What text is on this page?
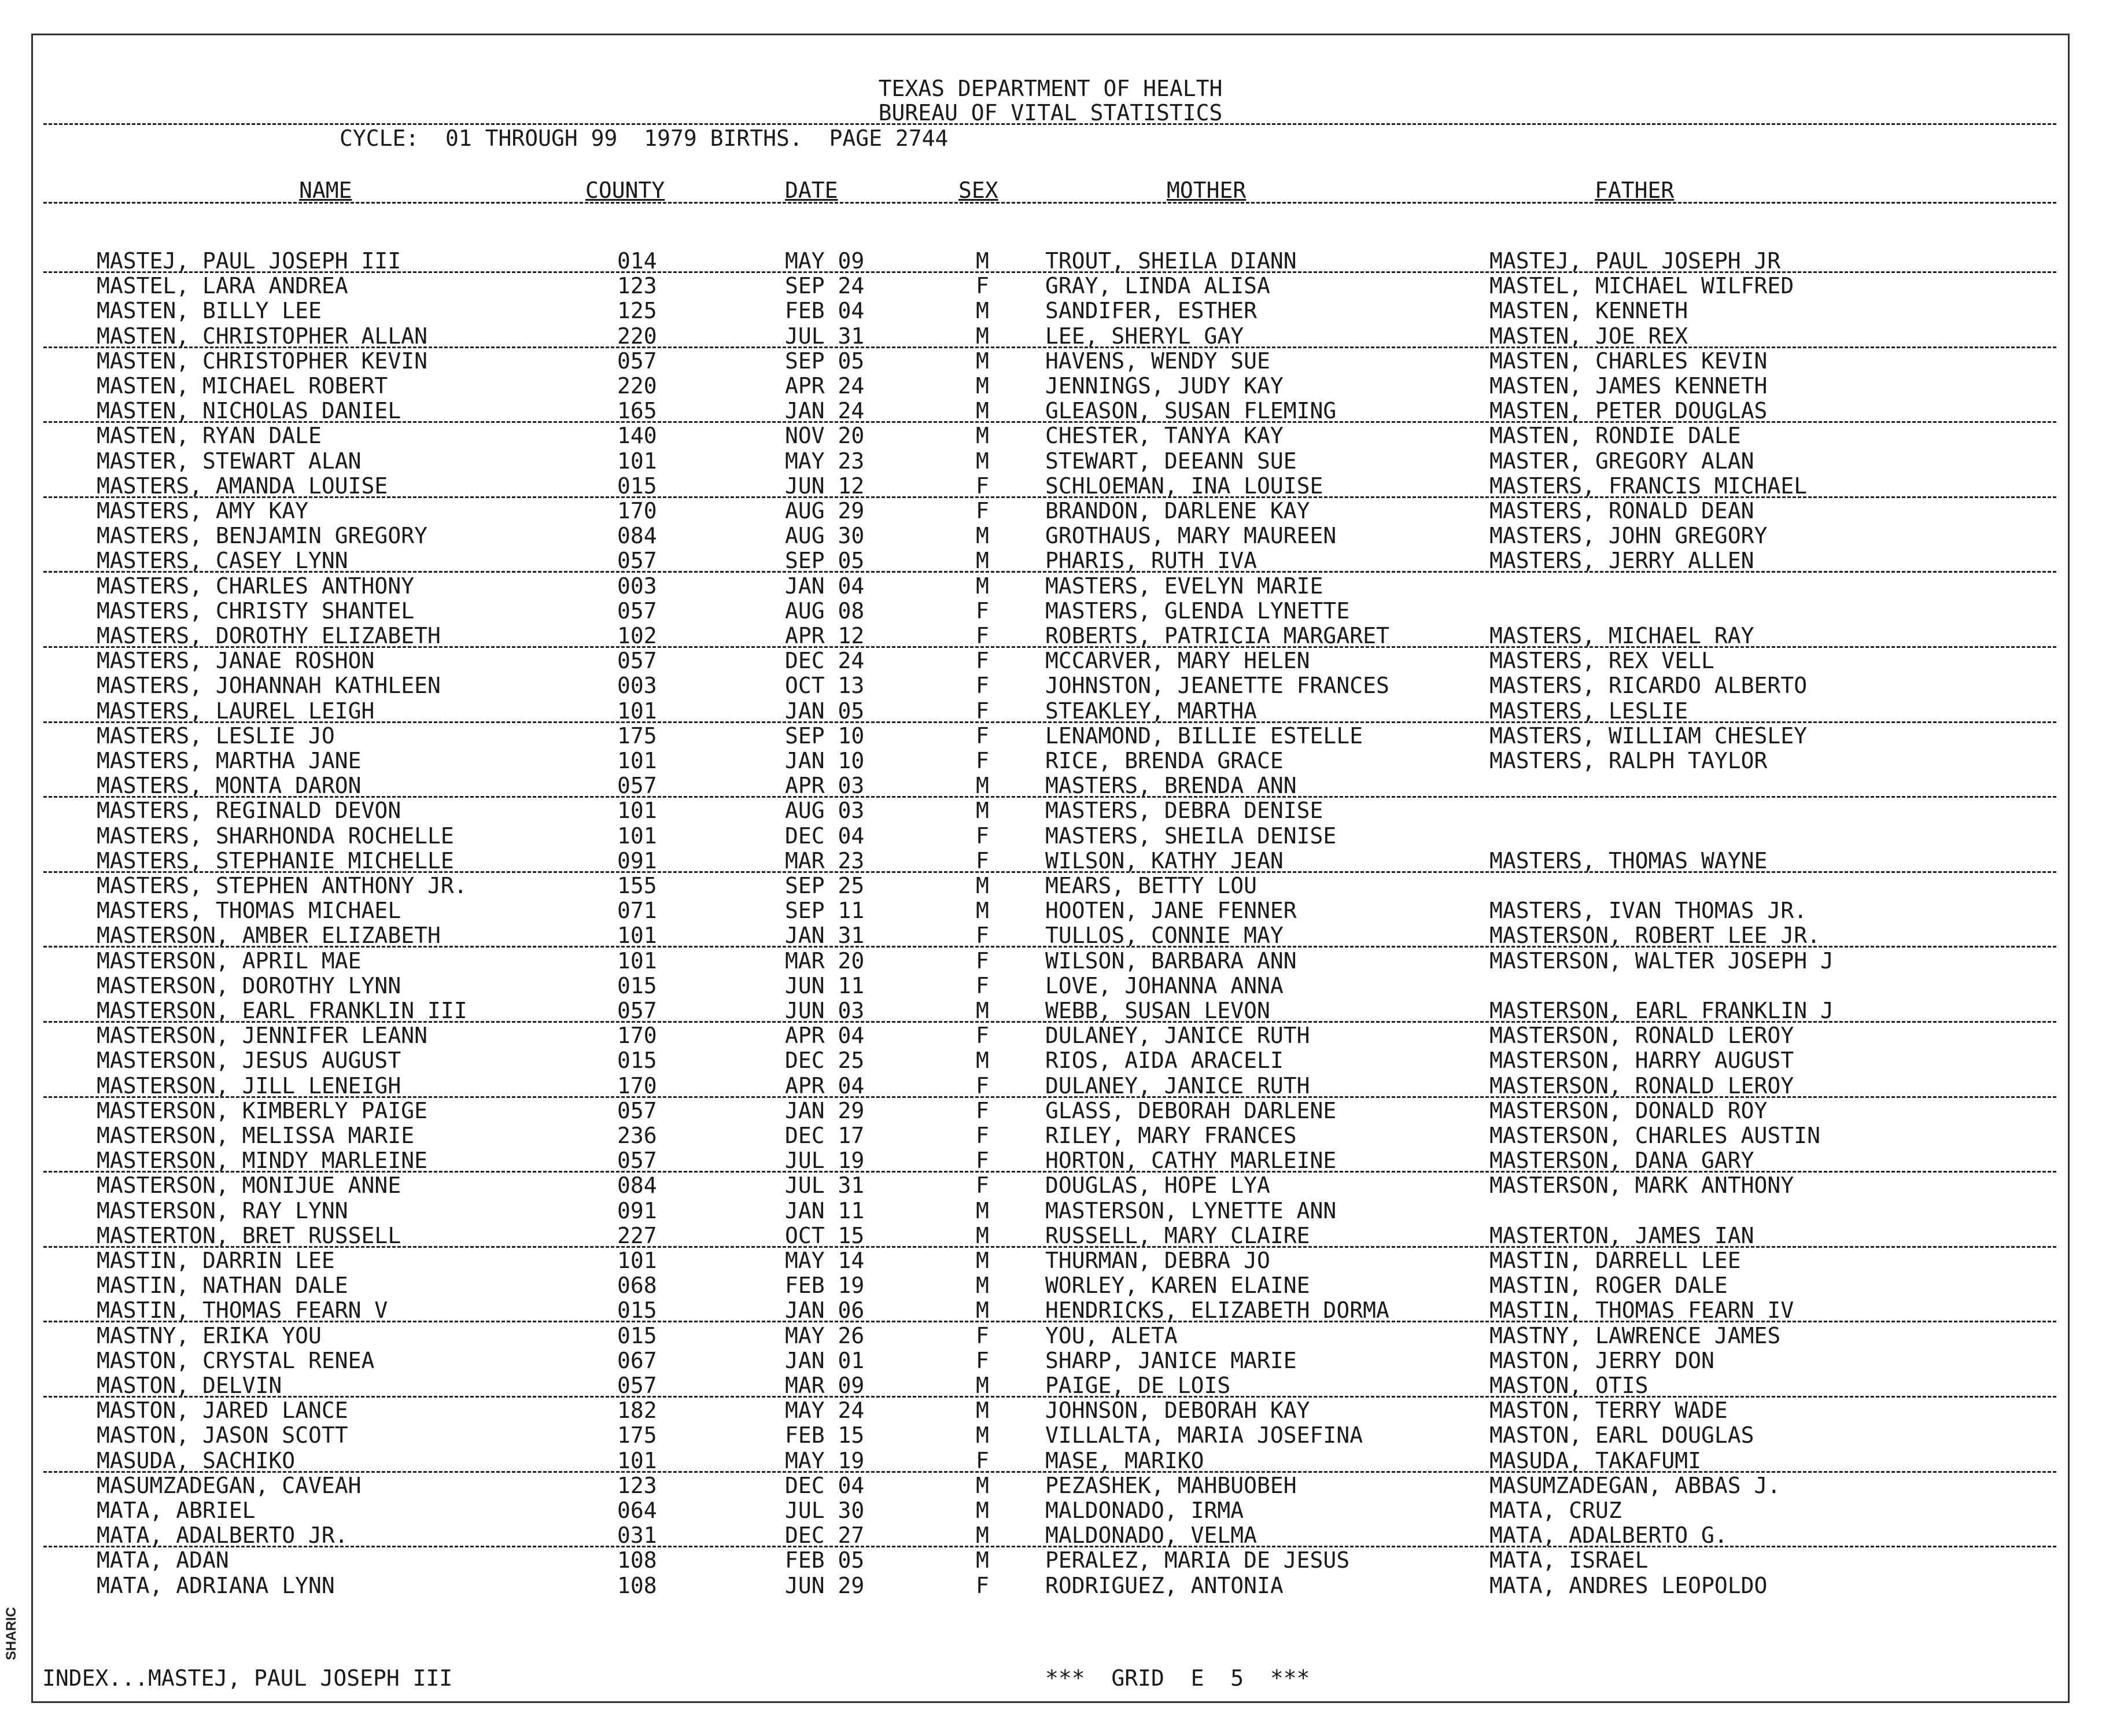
TEXAS DEPARTMENT OF HEALTH
BUREAU OF VITAL STATISTICS
CYCLE:  01 THROUGH 99  1979 BIRTHS.  PAGE 2744
NAME	COUNTY	DATE	SEX	MOTHER	FATHER
MASTEJ, PAUL JOSEPH III	014	MAY 09	M	TROUT, SHEILA DIANN	MASTEJ, PAUL JOSEPH JR
MASTEL, LARA ANDREA	123	SEP 24	F	GRAY, LINDA ALISA	MASTEL, MICHAEL WILFRED
MASTEN, BILLY LEE	125	FEB 04	M	SANDIFER, ESTHER	MASTEN, KENNETH
MASTEN, CHRISTOPHER ALLAN	220	JUL 31	M	LEE, SHERYL GAY	MASTEN, JOE REX
MASTEN, CHRISTOPHER KEVIN	057	SEP 05	M	HAVENS, WENDY SUE	MASTEN, CHARLES KEVIN
MASTEN, MICHAEL ROBERT	220	APR 24	M	JENNINGS, JUDY KAY	MASTEN, JAMES KENNETH
MASTEN, NICHOLAS DANIEL	165	JAN 24	M	GLEASON, SUSAN FLEMING	MASTEN, PETER DOUGLAS
MASTEN, RYAN DALE	140	NOV 20	M	CHESTER, TANYA KAY	MASTEN, RONDIE DALE
MASTER, STEWART ALAN	101	MAY 23	M	STEWART, DEEANN SUE	MASTER, GREGORY ALAN
MASTERS, AMANDA LOUISE	015	JUN 12	F	SCHLOEMAN, INA LOUISE	MASTERS, FRANCIS MICHAEL
MASTERS, AMY KAY	170	AUG 29	F	BRANDON, DARLENE KAY	MASTERS, RONALD DEAN
MASTERS, BENJAMIN GREGORY	084	AUG 30	M	GROTHAUS, MARY MAUREEN	MASTERS, JOHN GREGORY
MASTERS, CASEY LYNN	057	SEP 05	M	PHARIS, RUTH IVA	MASTERS, JERRY ALLEN
MASTERS, CHARLES ANTHONY	003	JAN 04	M	MASTERS, EVELYN MARIE
MASTERS, CHRISTY SHANTEL	057	AUG 08	F	MASTERS, GLENDA LYNETTE
MASTERS, DOROTHY ELIZABETH	102	APR 12	F	ROBERTS, PATRICIA MARGARET	MASTERS, MICHAEL RAY
MASTERS, JANAE ROSHON	057	DEC 24	F	MCCARVER, MARY HELEN	MASTERS, REX VELL
MASTERS, JOHANNAH KATHLEEN	003	OCT 13	F	JOHNSTON, JEANETTE FRANCES	MASTERS, RICARDO ALBERTO
MASTERS, LAUREL LEIGH	101	JAN 05	F	STEAKLEY, MARTHA	MASTERS, LESLIE
MASTERS, LESLIE JO	175	SEP 10	F	LENAMOND, BILLIE ESTELLE	MASTERS, WILLIAM CHESLEY
MASTERS, MARTHA JANE	101	JAN 10	F	RICE, BRENDA GRACE	MASTERS, RALPH TAYLOR
MASTERS, MONTA DARON	057	APR 03	M	MASTERS, BRENDA ANN
MASTERS, REGINALD DEVON	101	AUG 03	M	MASTERS, DEBRA DENISE
MASTERS, SHARHONDA ROCHELLE	101	DEC 04	F	MASTERS, SHEILA DENISE
MASTERS, STEPHANIE MICHELLE	091	MAR 23	F	WILSON, KATHY JEAN	MASTERS, THOMAS WAYNE
MASTERS, STEPHEN ANTHONY JR.	155	SEP 25	M	MEARS, BETTY LOU
MASTERS, THOMAS MICHAEL	071	SEP 11	M	HOOTEN, JANE FENNER	MASTERS, IVAN THOMAS JR.
MASTERSON, AMBER ELIZABETH	101	JAN 31	F	TULLOS, CONNIE MAY	MASTERSON, ROBERT LEE JR.
MASTERSON, APRIL MAE	101	MAR 20	F	WILSON, BARBARA ANN	MASTERSON, WALTER JOSEPH J
MASTERSON, DOROTHY LYNN	015	JUN 11	F	LOVE, JOHANNA ANNA
MASTERSON, EARL FRANKLIN III	057	JUN 03	M	WEBB, SUSAN LEVON	MASTERSON, EARL FRANKLIN J
MASTERSON, JENNIFER LEANN	170	APR 04	F	DULANEY, JANICE RUTH	MASTERSON, RONALD LEROY
MASTERSON, JESUS AUGUST	015	DEC 25	M	RIOS, AIDA ARACELI	MASTERSON, HARRY AUGUST
MASTERSON, JILL LENEIGH	170	APR 04	F	DULANEY, JANICE RUTH	MASTERSON, RONALD LEROY
MASTERSON, KIMBERLY PAIGE	057	JAN 29	F	GLASS, DEBORAH DARLENE	MASTERSON, DONALD ROY
MASTERSON, MELISSA MARIE	236	DEC 17	F	RILEY, MARY FRANCES	MASTERSON, CHARLES AUSTIN
MASTERSON, MINDY MARLEINE	057	JUL 19	F	HORTON, CATHY MARLEINE	MASTERSON, DANA GARY
MASTERSON, MONIJUE ANNE	084	JUL 31	F	DOUGLAS, HOPE LYA	MASTERSON, MARK ANTHONY
MASTERSON, RAY LYNN	091	JAN 11	M	MASTERSON, LYNETTE ANN
MASTERTON, BRET RUSSELL	227	OCT 15	M	RUSSELL, MARY CLAIRE	MASTERTON, JAMES IAN
MASTIN, DARRIN LEE	101	MAY 14	M	THURMAN, DEBRA JO	MASTIN, DARRELL LEE
MASTIN, NATHAN DALE	068	FEB 19	M	WORLEY, KAREN ELAINE	MASTIN, ROGER DALE
MASTIN, THOMAS FEARN V	015	JAN 06	M	HENDRICKS, ELIZABETH DORMA	MASTIN, THOMAS FEARN IV
MASTNY, ERIKA YOU	015	MAY 26	F	YOU, ALETA	MASTNY, LAWRENCE JAMES
MASTON, CRYSTAL RENEA	067	JAN 01	F	SHARP, JANICE MARIE	MASTON, JERRY DON
MASTON, DELVIN	057	MAR 09	M	PAIGE, DE LOIS	MASTON, OTIS
MASTON, JARED LANCE	182	MAY 24	M	JOHNSON, DEBORAH KAY	MASTON, TERRY WADE
MASTON, JASON SCOTT	175	FEB 15	M	VILLALTA, MARIA JOSEFINA	MASTON, EARL DOUGLAS
MASUDA, SACHIKO	101	MAY 19	F	MASE, MARIKO	MASUDA, TAKAFUMI
MASUMZADEGAN, CAVEAH	123	DEC 04	M	PEZASHEK, MAHBUOBEH	MASUMZADEGAN, ABBAS J.
MATA, ABRIEL	064	JUL 30	M	MALDONADO, IRMA	MATA, CRUZ
MATA, ADALBERTO JR.	031	DEC 27	M	MALDONADO, VELMA	MATA, ADALBERTO G.
MATA, ADAN	108	FEB 05	M	PERALEZ, MARIA DE JESUS	MATA, ISRAEL
MATA, ADRIANA LYNN	108	JUN 29	F	RODRIGUEZ, ANTONIA	MATA, ANDRES LEOPOLDO
INDEX...MASTEJ, PAUL JOSEPH III	***  GRID  E  5  ***
SHARIC
